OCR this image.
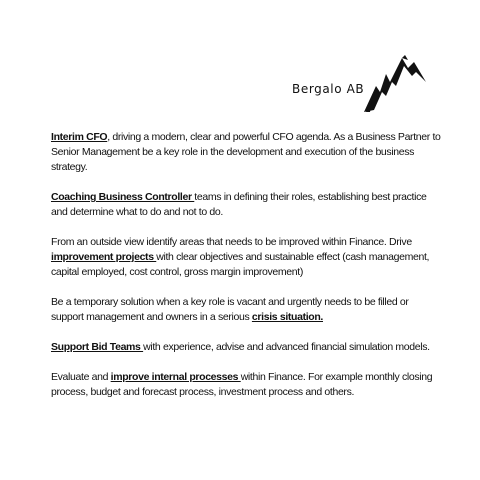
Bergalo AB

Interim CFO, driving a modern, clear and powerful CFO agenda. As a Business Partner to Senior Management be a key role in the development and execution of the business strategy.

Coaching Business Controller teams in defining their roles, establishing best practice and determine what to do and not to do.

From an outside view identify areas that needs to be improved within Finance. Drive improvement projects with clear objectives and sustainable effect (cash management, capital employed, cost control, gross margin improvement)

Be a temporary solution when a key role is vacant and urgently needs to be filled or support management and owners in a serious crisis situation.

Support Bid Teams with experience, advise and advanced financial simulation models.

Evaluate and improve internal processes within Finance. For example monthly closing process, budget and forecast process, investment process and others.
